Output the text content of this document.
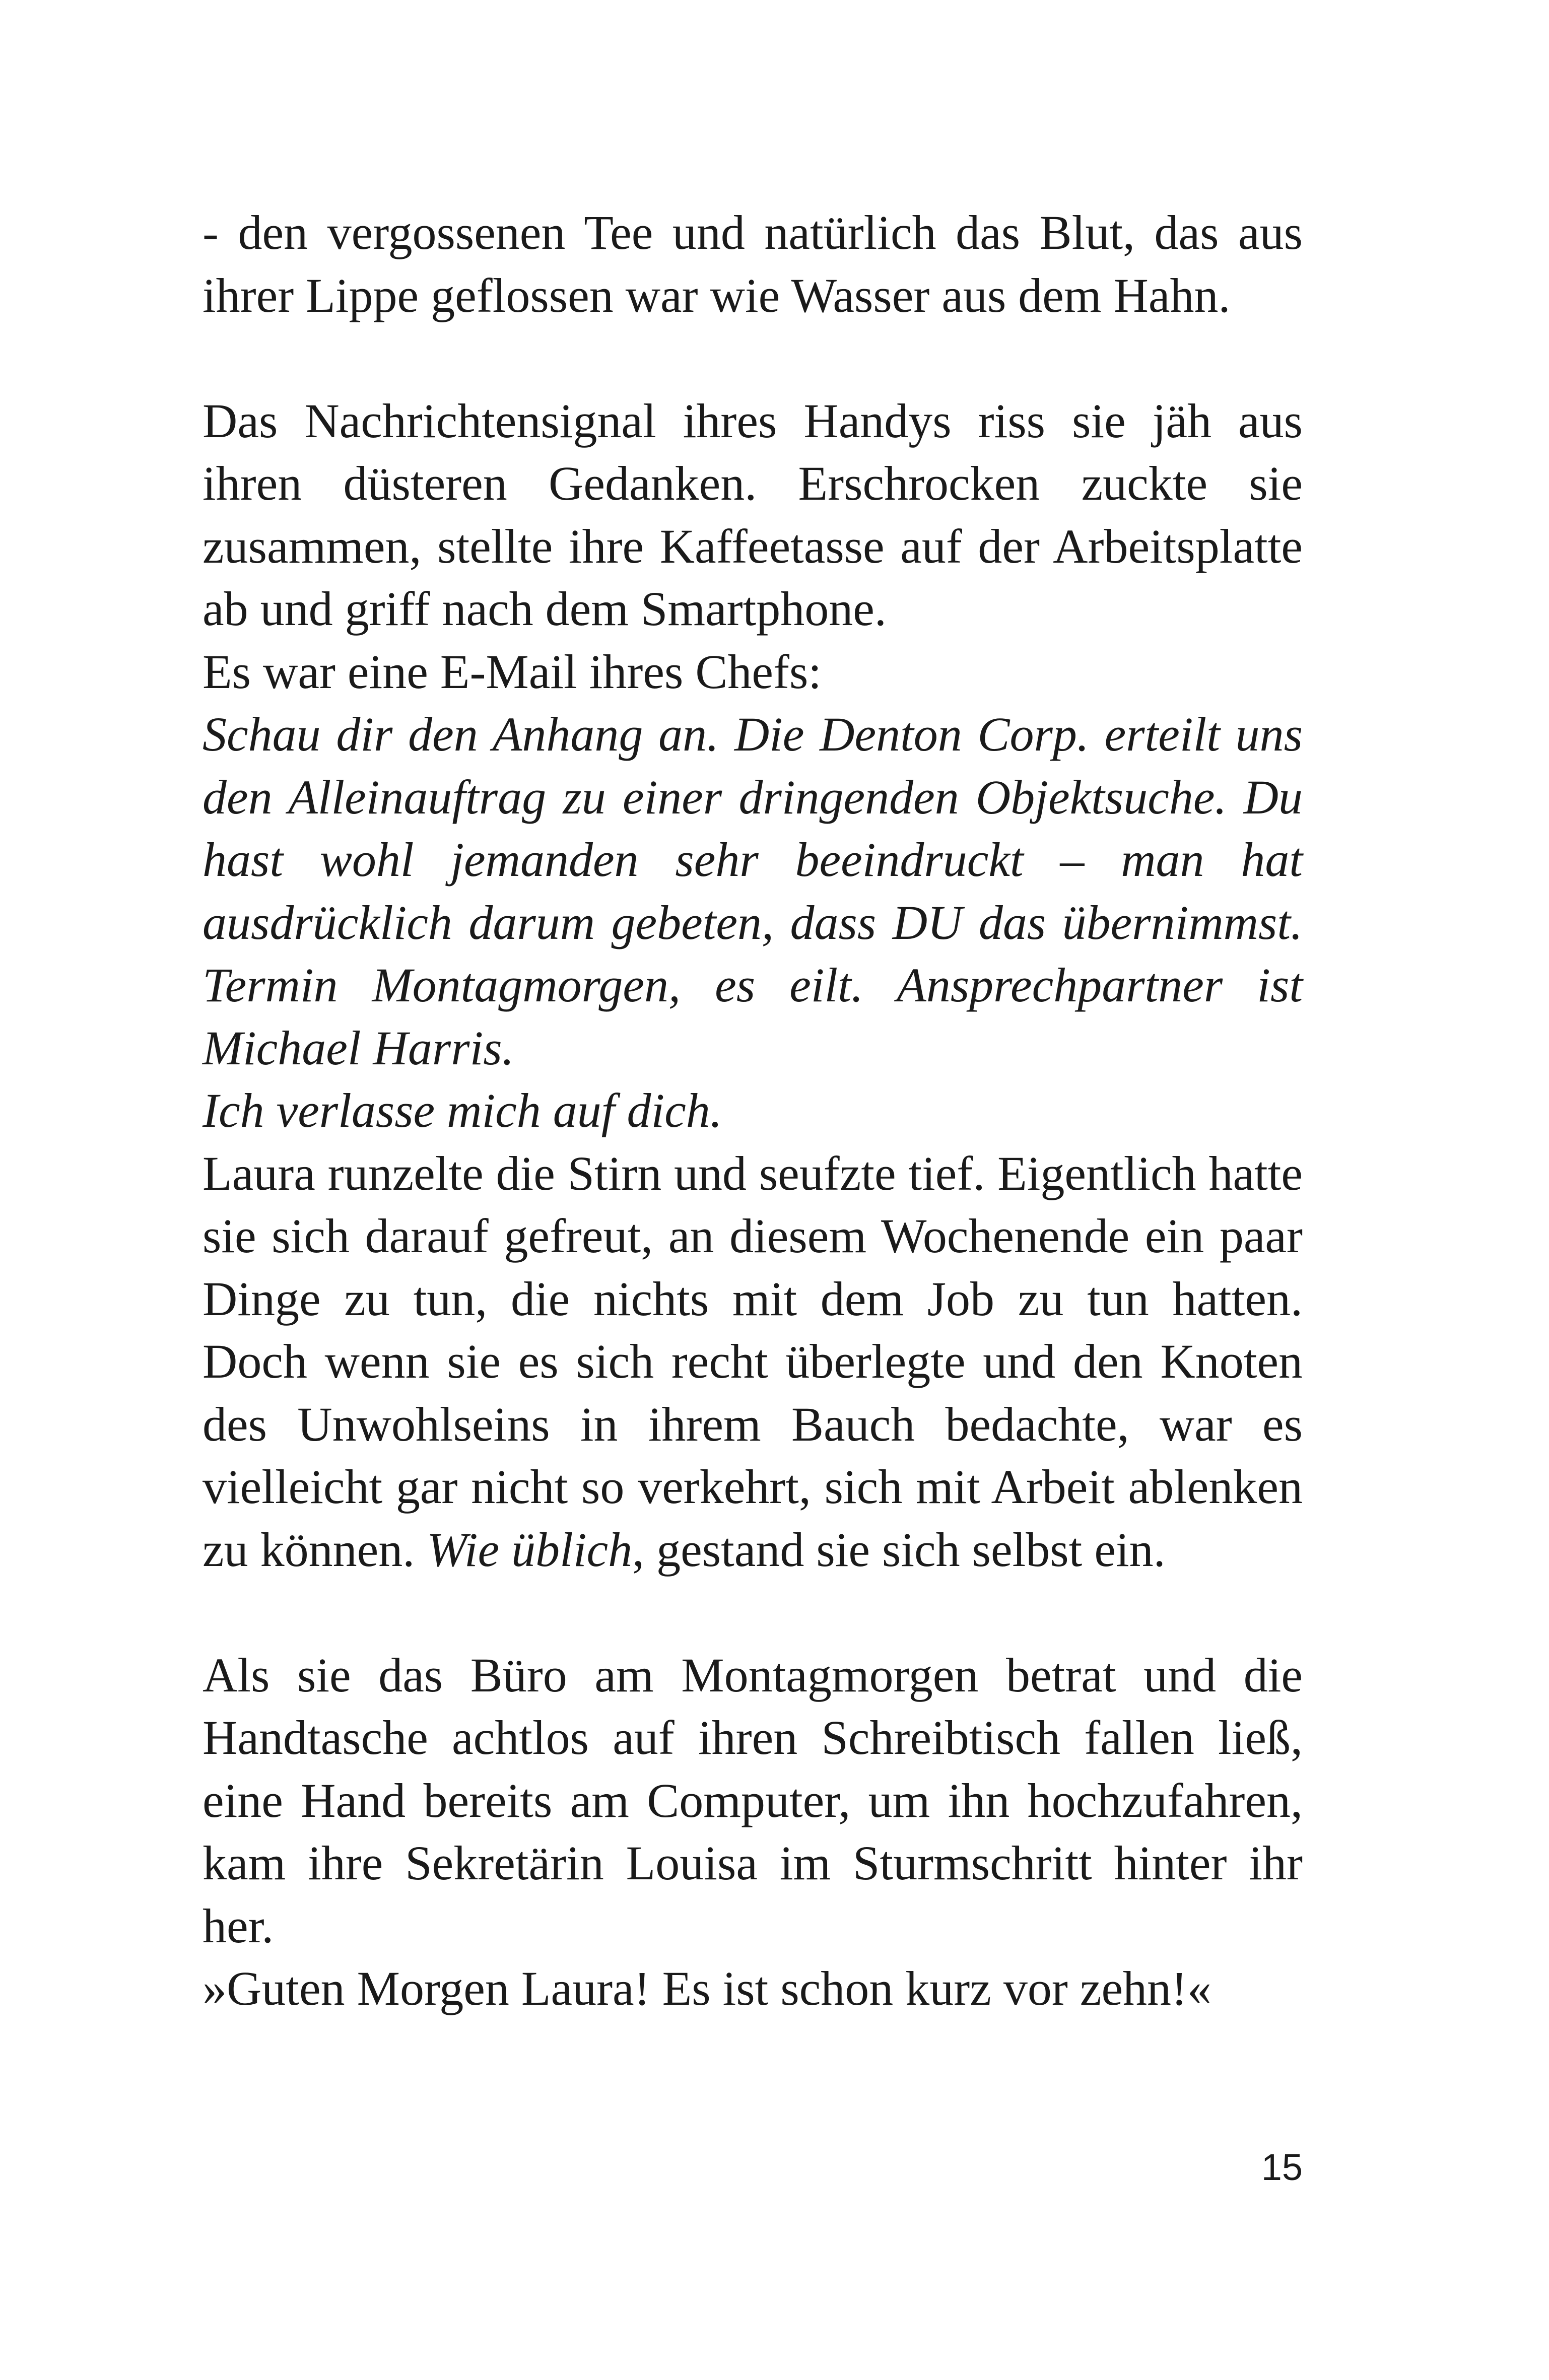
- den vergossenen Tee und natürlich das Blut, das aus ihrer Lippe geflossen war wie Wasser aus dem Hahn.

Das Nachrichtensignal ihres Handys riss sie jäh aus ihren düsteren Gedanken. Erschrocken zuckte sie zusammen, stellte ihre Kaffeetasse auf der Arbeitsplatte ab und griff nach dem Smartphone.

Es war eine E-Mail ihres Chefs:

Schau dir den Anhang an. Die Denton Corp. erteilt uns den Alleinauftrag zu einer dringenden Objektsuche. Du hast wohl jemanden sehr beeindruckt – man hat ausdrücklich darum gebeten, dass DU das übernimmst. Termin Montagmorgen, es eilt. Ansprechpartner ist Michael Harris.

Ich verlasse mich auf dich.

Laura runzelte die Stirn und seufzte tief. Eigentlich hatte sie sich darauf gefreut, an diesem Wochenende ein paar Dinge zu tun, die nichts mit dem Job zu tun hatten. Doch wenn sie es sich recht überlegte und den Knoten des Unwohlseins in ihrem Bauch bedachte, war es vielleicht gar nicht so verkehrt, sich mit Arbeit ablenken zu können. Wie üblich, gestand sie sich selbst ein.

Als sie das Büro am Montagmorgen betrat und die Handtasche achtlos auf ihren Schreibtisch fallen ließ, eine Hand bereits am Computer, um ihn hochzufahren, kam ihre Sekretärin Louisa im Sturmschritt hinter ihr her.

»Guten Morgen Laura! Es ist schon kurz vor zehn!«

15
